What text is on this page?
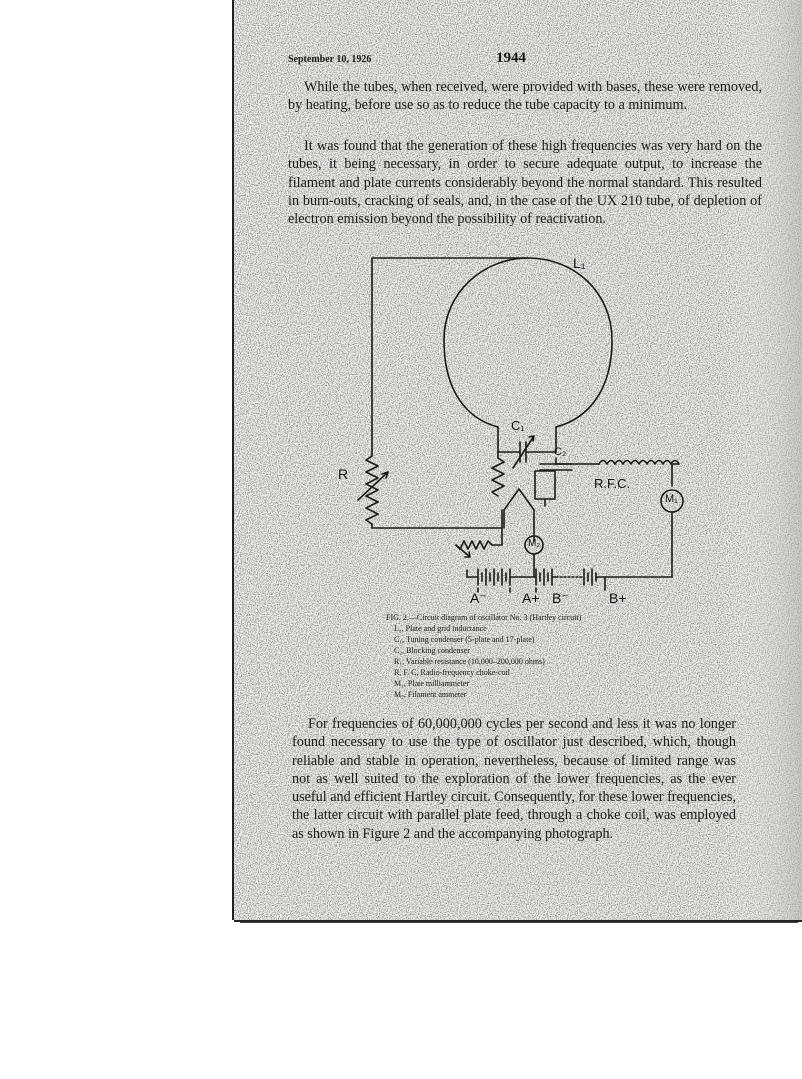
September 10, 1926	1944

While the tubes, when received, were provided with bases, these were removed, by heating, before use so as to reduce the tube capacity to a minimum.

It was found that the generation of these high frequencies was very hard on the tubes, it being necessary, in order to secure adequate output, to increase the filament and plate currents considerably beyond the normal standard. This resulted in burn-outs, cracking of seals, and, in the case of the UX 210 tube, of depletion of electron emission beyond the possibility of reactivation.

L₁
C₁
C₂
R
R.F.C.
M₁
M₂
A⁻	A+ B⁻	B+
FIG. 2.—Circuit diagram of oscillator No. 3 (Hartley circuit)
L₁, Plate and grid inductance
C₁, Tuning condenser (5-plate and 17-plate)
C₂, Blocking condenser
R₁, Variable resistance (10,000–200,000 ohms)
R. F. C, Radio-frequency choke-coil
M₁, Plate milliammeter
M₂, Filament ammeter

For frequencies of 60,000,000 cycles per second and less it was no longer found necessary to use the type of oscillator just described, which, though reliable and stable in operation, nevertheless, because of limited range was not as well suited to the exploration of the lower frequencies, as the ever useful and efficient Hartley circuit. Consequently, for these lower frequencies, the latter circuit with parallel plate feed, through a choke coil, was employed as shown in Figure 2 and the accompanying photograph.
